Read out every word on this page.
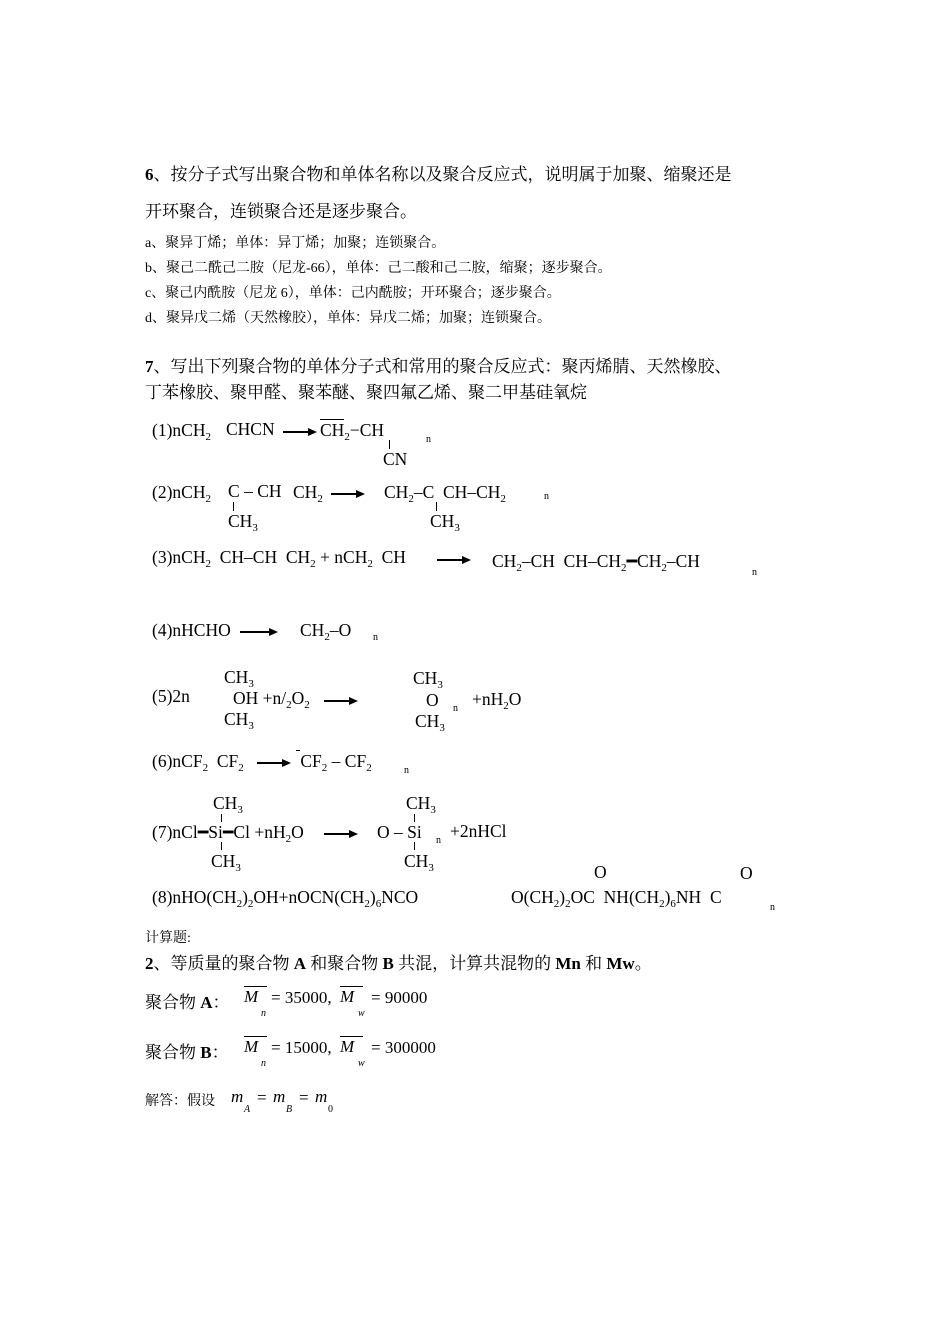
6、按分子式写出聚合物和单体名称以及聚合反应式，说明属于加聚、缩聚还是
开环聚合，连锁聚合还是逐步聚合。
a、聚异丁烯；单体：异丁烯；加聚；连锁聚合。
b、聚己二酰己二胺（尼龙-66），单体：己二酸和己二胺，缩聚；逐步聚合。
c、聚己内酰胺（尼龙 6），单体：己内酰胺；开环聚合；逐步聚合。
d、聚异戊二烯（天然橡胶），单体：异戊二烯；加聚；连锁聚合。
7、写出下列聚合物的单体分子式和常用的聚合反应式：聚丙烯腈、天然橡胶、
丁苯橡胶、聚甲醛、聚苯醚、聚四氟乙烯、聚二甲基硅氧烷
(1)nCH$_2$ CHCN	$CH_2-CH$
CN
n
(2)nCH$_2$ C – CH $CH_2$
$CH_3$
$CH_2-C$ $CH-CH_2$
$CH_3$
n
(3)nCH$_2$ CH–CH $CH_2 + nCH_2$ CH	$CH_2-CH$ $CH-CH_2━CH_2-CH$
n
(4)nHCHO	$CH_2-O$ n
(5)2n
$CH_3$
OH $+n/_2O_2$
$CH_3$
$CH_3$
O
$CH_3$
$n +nH_2O$
(6)nCF$_2$ $CF_2$	$CF_2 - CF_2$	n
$CH_3$
(7)nCl━Si━Cl $+nH_2O$
$CH_3$
$CH_3$
O – Si
$CH_3$
n +2nHCl
$(8)nHO(CH_2)_2OH+nOCN(CH_2)_6NCO$
O	O
$O(CH_2)_2OC$ $NH(CH_2)_6NH$ C
n
计算题:
2、等质量的聚合物 A 和聚合物 B 共混，计算共混物的 Mn 和 Mw。
聚合物 A： M
n
= 35000, M
w
= 90000
聚合物 B： M
n
= 15000, M
w
= 300000
解答：假设 m
A
= m
B
= m
0
